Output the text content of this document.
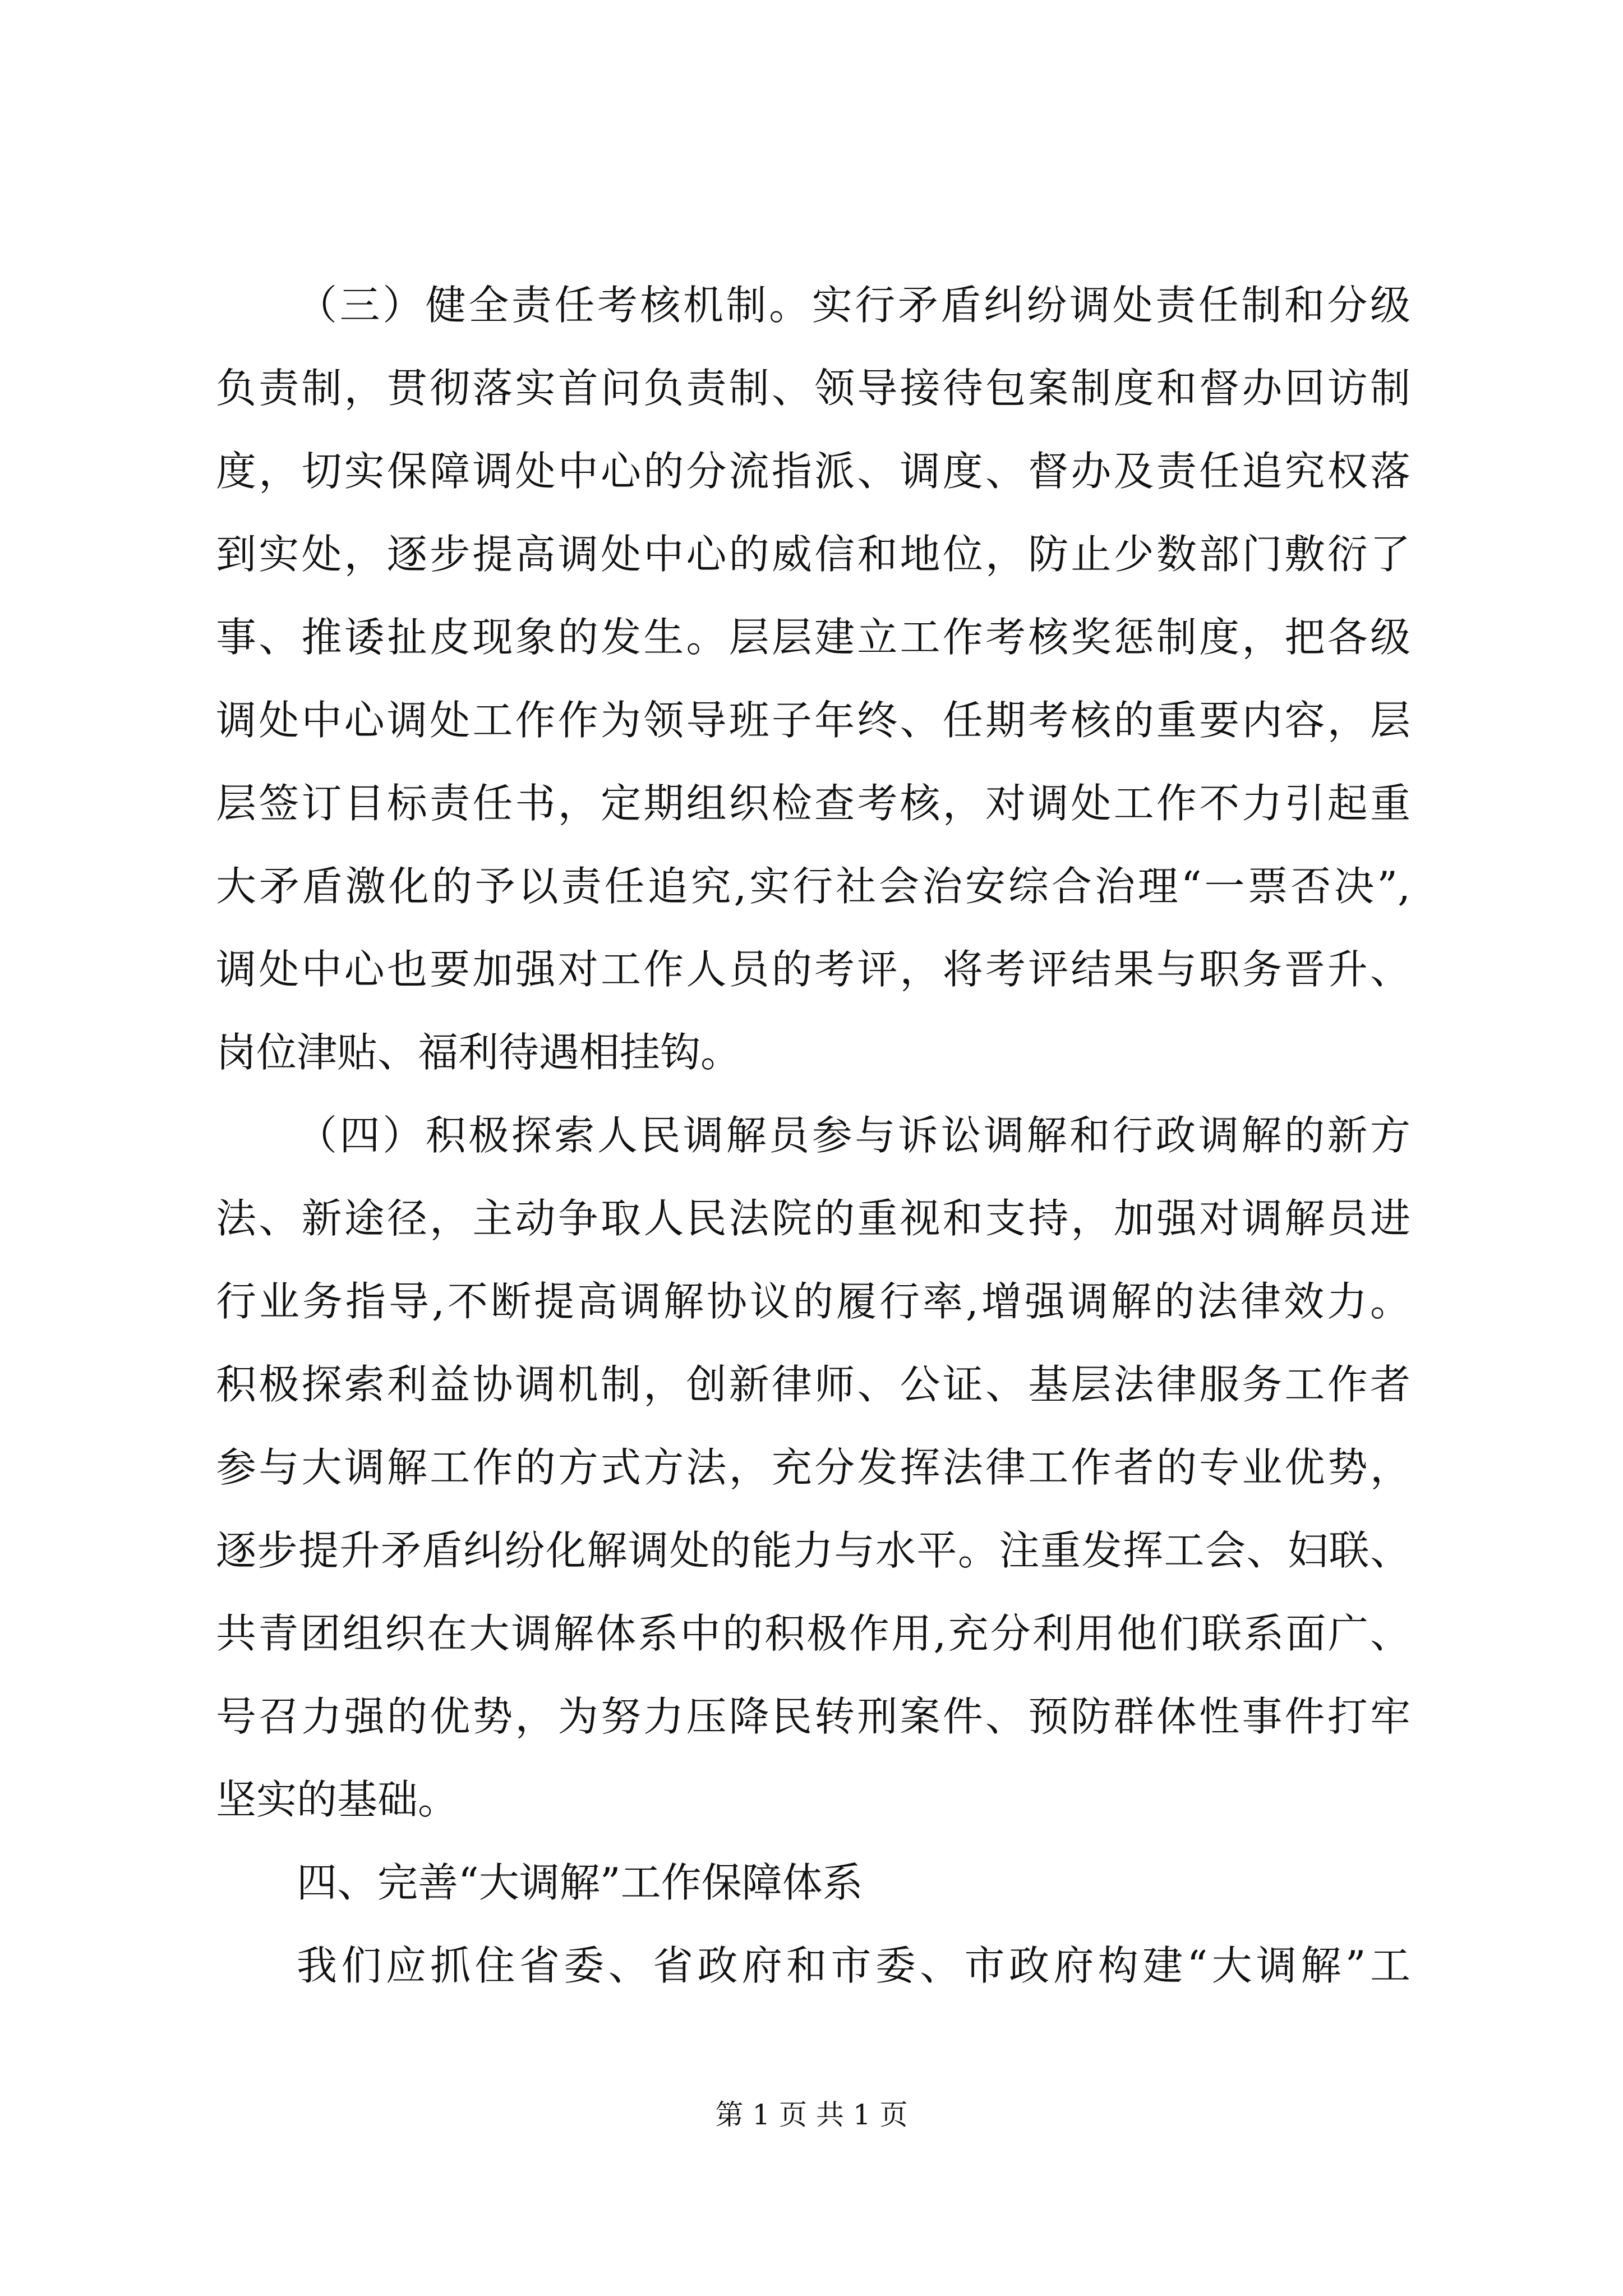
（三）健全责任考核机制。实行矛盾纠纷调处责任制和分级
负责制，贯彻落实首问负责制、领导接待包案制度和督办回访制
度，切实保障调处中心的分流指派、调度、督办及责任追究权落
到实处，逐步提高调处中心的威信和地位，防止少数部门敷衍了
事、推诿扯皮现象的发生。层层建立工作考核奖惩制度，把各级
调处中心调处工作作为领导班子年终、任期考核的重要内容，层
层签订目标责任书，定期组织检查考核，对调处工作不力引起重
大矛盾激化的予以责任追究,实行社会治安综合治理“一票否决”,
调处中心也要加强对工作人员的考评，将考评结果与职务晋升、
岗位津贴、福利待遇相挂钩。
（四）积极探索人民调解员参与诉讼调解和行政调解的新方
法、新途径，主动争取人民法院的重视和支持，加强对调解员进
行业务指导,不断提高调解协议的履行率,增强调解的法律效力。
积极探索利益协调机制，创新律师、公证、基层法律服务工作者
参与大调解工作的方式方法，充分发挥法律工作者的专业优势，
逐步提升矛盾纠纷化解调处的能力与水平。注重发挥工会、妇联、
共青团组织在大调解体系中的积极作用,充分利用他们联系面广、
号召力强的优势，为努力压降民转刑案件、预防群体性事件打牢
坚实的基础。
四、完善“大调解”工作保障体系
我们应抓住省委、省政府和市委、市政府构建“大调解”工
第 1 页 共 1 页
